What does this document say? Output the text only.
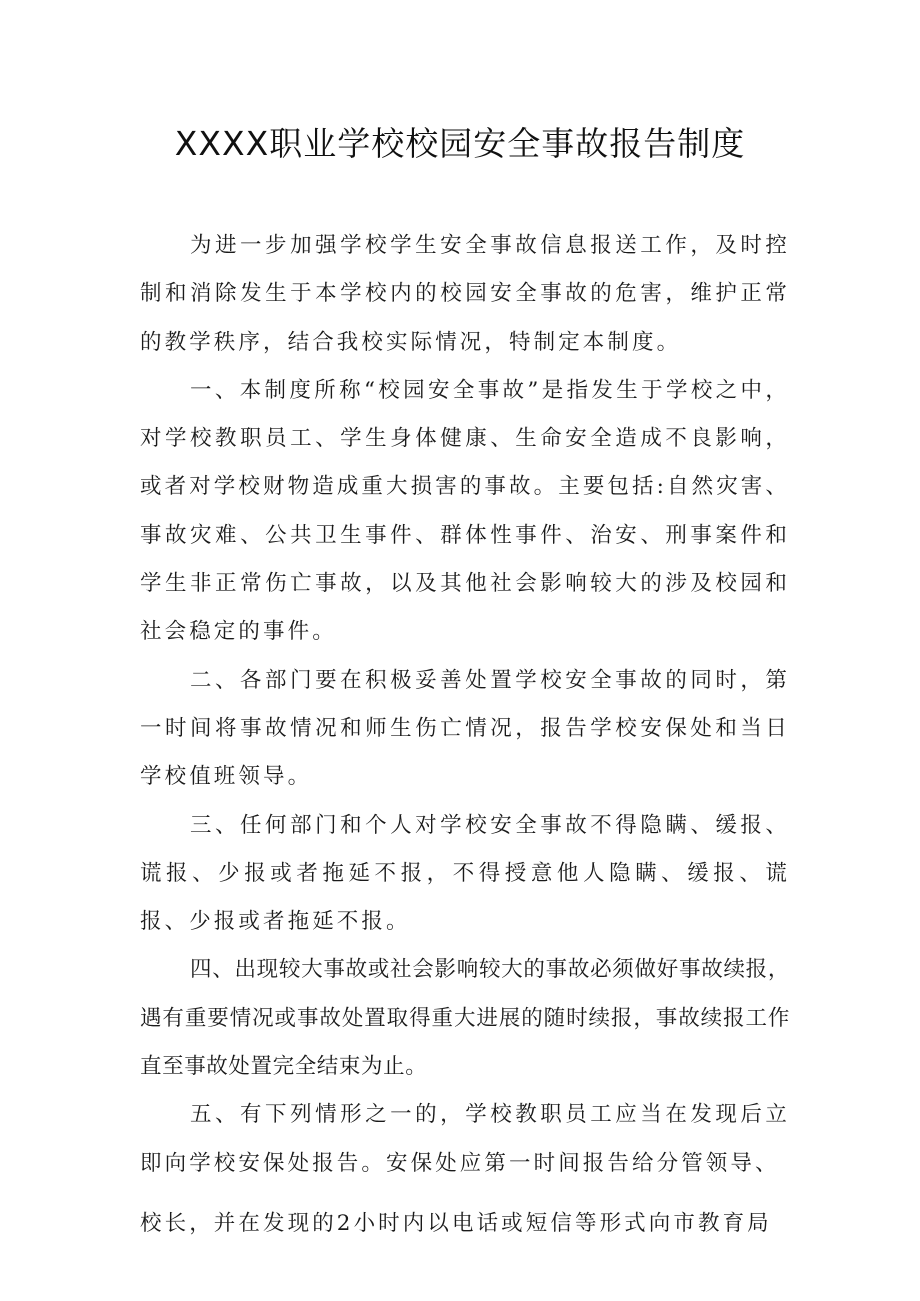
XXXX职业学校校园安全事故报告制度

为进一步加强学校学生安全事故信息报送工作，及时控制和消除发生于本学校内的校园安全事故的危害，维护正常的教学秩序，结合我校实际情况，特制定本制度。

一、本制度所称“校园安全事故”是指发生于学校之中，对学校教职员工、学生身体健康、生命安全造成不良影响，或者对学校财物造成重大损害的事故。主要包括:自然灾害、事故灾难、公共卫生事件、群体性事件、治安、刑事案件和学生非正常伤亡事故，以及其他社会影响较大的涉及校园和社会稳定的事件。

二、各部门要在积极妥善处置学校安全事故的同时，第一时间将事故情况和师生伤亡情况，报告学校安保处和当日学校值班领导。

三、任何部门和个人对学校安全事故不得隐瞒、缓报、谎报、少报或者拖延不报，不得授意他人隐瞒、缓报、谎报、少报或者拖延不报。

四、出现较大事故或社会影响较大的事故必须做好事故续报，遇有重要情况或事故处置取得重大进展的随时续报，事故续报工作直至事故处置完全结束为止。

五、有下列情形之一的，学校教职员工应当在发现后立即向学校安保处报告。安保处应第一时间报告给分管领导、

校长，并在发现的2小时内以电话或短信等形式向市教育局
